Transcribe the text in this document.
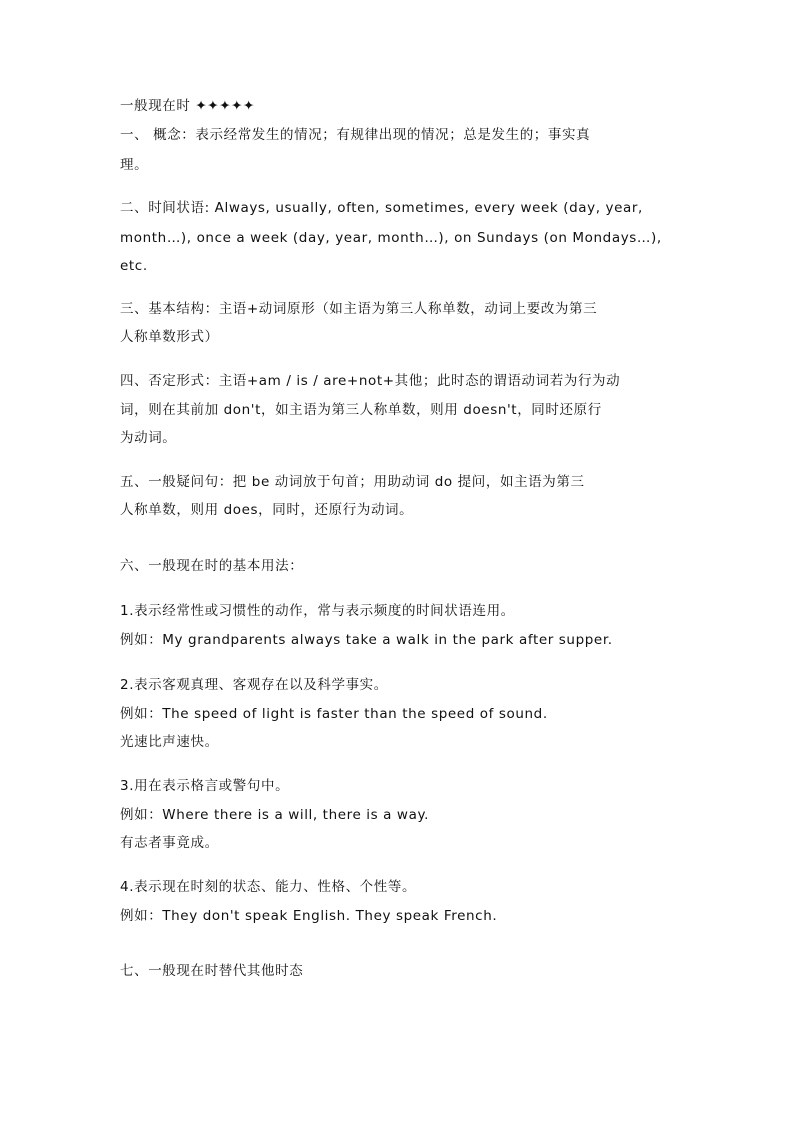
一般现在时 ✦✦✦✦✦
一、 概念：表示经常发生的情况；有规律出现的情况；总是发生的；事实真
理。
二、时间状语: Always, usually, often, sometimes, every week (day, year,
month…), once a week (day, year, month…), on Sundays (on Mondays…),
etc.
三、基本结构：主语+动词原形（如主语为第三人称单数，动词上要改为第三
人称单数形式）
四、否定形式：主语+am / is / are+not+其他；此时态的谓语动词若为行为动
词，则在其前加 don't，如主语为第三人称单数，则用 doesn't，同时还原行
为动词。
五、一般疑问句：把 be 动词放于句首；用助动词 do 提问，如主语为第三
人称单数，则用 does，同时，还原行为动词。
六、一般现在时的基本用法：
1.表示经常性或习惯性的动作，常与表示频度的时间状语连用。
例如：My grandparents always take a walk in the park after supper.
2.表示客观真理、客观存在以及科学事实。
例如：The speed of light is faster than the speed of sound.
光速比声速快。
3.用在表示格言或警句中。
例如：Where there is a will, there is a way.
有志者事竟成。
4.表示现在时刻的状态、能力、性格、个性等。
例如：They don't speak English. They speak French.
七、一般现在时替代其他时态
